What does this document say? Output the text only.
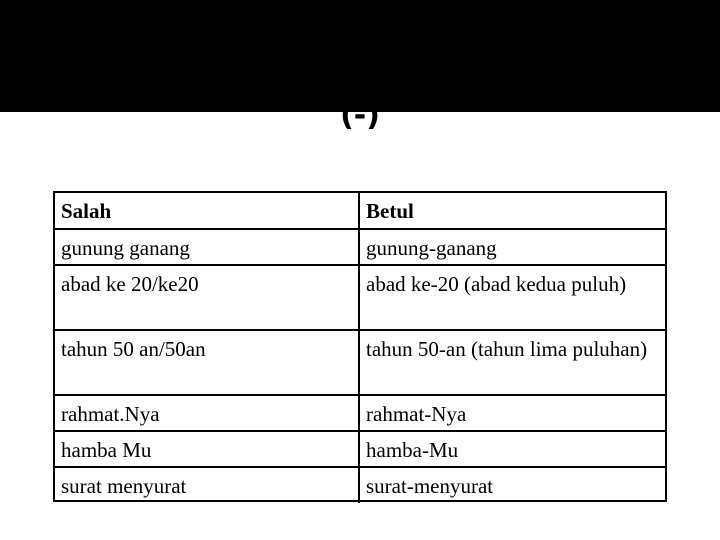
(-)
Salah	Betul
gunung ganang	gunung-ganang
abad ke 20/ke20	abad ke-20 (abad kedua puluh)
tahun 50 an/50an	tahun 50-an (tahun lima puluhan)
rahmat.Nya	rahmat-Nya
hamba Mu	hamba-Mu
surat menyurat	surat-menyurat
